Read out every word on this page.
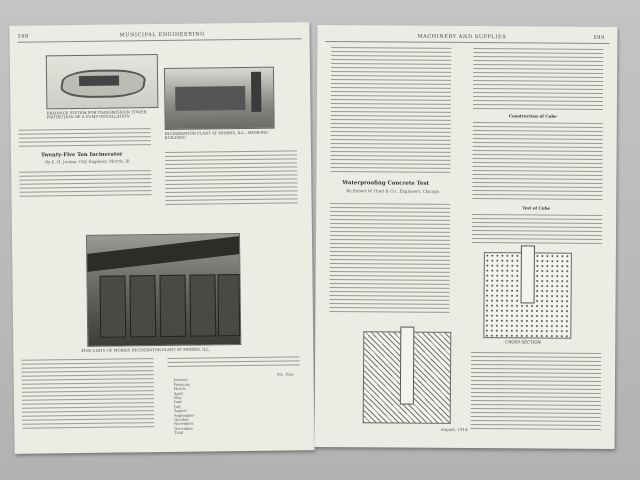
598	MUNICIPAL ENGINEERING
DRAINAGE SYSTEM FOR TRANSMISSION TOWER PROTECTION OF A PUMP INSTALLATION
INCINERATION PLANT AT MORRIS, ILL., SHOWING BUILDING
Twenty-Five Ton Incinerator
By E. H. Jordan, City Engineer, Morris, Ill.
FIVE UNITS OF MORRIS INCINERATOR PLANT AT MORRIS, ILL.
Mo. Tons
January
February
March
April
May
June
July
August
September
October
November
December
Total
MACHINERY AND SUPPLIES	599
Waterproofing Concrete Test
By Robert W. Hunt & Co., Engineers, Chicago
Construction of Cube
Test of Cube
CROSS SECTION
August, 1914
